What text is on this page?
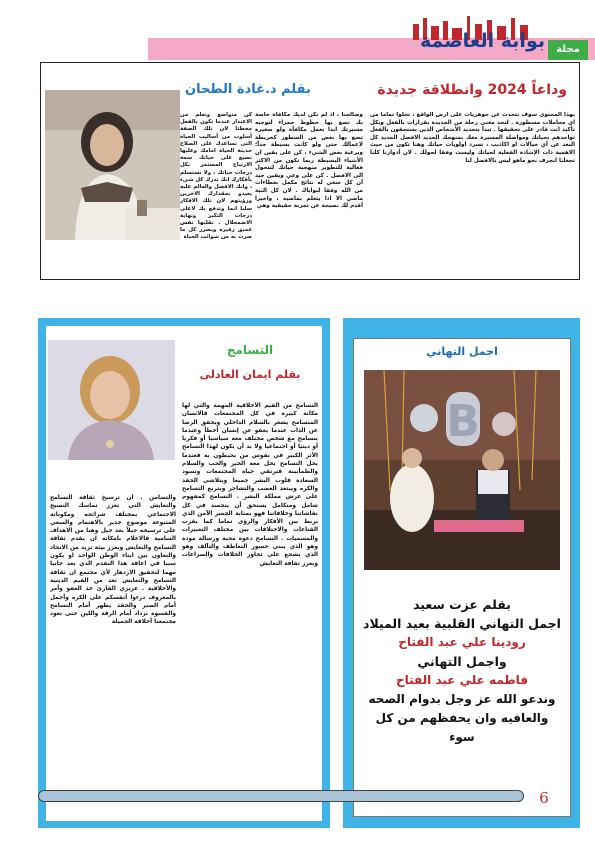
مجلة
بوابة العاصمة
وداعاً 2024 وانطلاقة جديدة
بقلم د.غادة الطحان
بهذا المحتوى سوف نتحدث عن جوهريات على ارض الواقع ، تخلوا تماماً من اي مجاملات مسطورة . لتجد معنى رحلة من الجديدة بقرارات بالفعل وبكل تأكيد انت قادر على تحقيقها . تبدأ بتحديد الأشخاص الذين يستحقون بالفعل تواجدهم بحياتك ومواصلة المسيرة معك بمنهجك الجديد الافضل الجديد كل البعد عن أي خيالات او اكاذيب ، تسرد اولويات حياتك وهنا تكون من حيث الاهمية ذات الإشادة الفعلية لحياتك وليست وفقا لحولك . لان أدوارنا كلنا تجعلنا انجرف نحو ماهو ليس بالافضل لنا
وصالحنا ، اذ لم تكن لديك مكافأة خاصة بك تضع بها خطوط حمراء لتوجيه مسيرتك ابدا بعمل مكافأة ولو صغيرة تضع بها بعض من السطور كخريطة لاعمالك حتى ولو كانت بسيطة جداً؛ وبرغبة بعض الشيء ، كن على يقين ان الأشياء البسيطة ربما تكون من الاكثر فعالية للتطوير منهجية حياتك لتتحول الى الافضل . كن على وعي ويقين جيد أن كل سعي له نتائج مكمل بعطاءات من الله وفقا لنواياك . لان كل النية ماضي الا اذا يتعلم بماضيه ، واخيرا أقدم لك نصيحة عن تجربة حقيقية وهي
كن متواضع وتعلم من الاعتذار عندما تكون بالفعل مخطئا لان تلك الصفة أسلوب من أساليب الحياة التى تساعدك على الصلاح حديثة الحياة امامك وعليها تضيع على حياتك سمة الارتياح المستمر بكل درجات حياتك ، ولا تستسلم بأفكارك انك تدرك كل شيء ، وانك الافضل والعالم عليه يعيدو بمقدارك الاخرين ورؤيتهم لان تلك الافكار سلبا انما وتدفع بك لاعلى درجات التكبر ونهاية الاضمحلال . تقلبها نفس عميق زفيره وبضرر كل ما صرت به من شوائب الحياة
اجمل التهاني
B
بقلم عزت سعيد
اجمل التهاني القلبية بعيد الميلاد
رودينا علي عبد الفتاح
واجمل التهاني
فاطمه علي عبد الفتاح
وندعو الله عز وجل بدوام الصحه
والعافيه وان يحفظهم من كل
سوء
التسامح
بقلم ايمان العادلى
التسامح من القيم الأخلاقية المهمة والتي لها مكانة كبيرة في كل المجتمعات فالانسان المتسامح يشعر بالسلام الداخلي ويحقق الرضا عن الذات عندما يعفو عن إنسان أخطأ وعندما يتسامح مع شخص مختلف معه سياسيا أو فكريا أو دينيا أو اجتماعيا ولا بد أن يكون لهذا التسامح الأثر الكبير في نفوس من يحيطون به فعندما يحل التسامح يحل معه الخير والحب والسلام والطمأنينة فترتقي حياة المجتمعات وتسود السعادة قلوب البشر جميعا ويتلاشى الحقد والكره ويبتعد الغضب والتشاجر ويتربع التسامح على عرش مملكة البشر . التسامح كمفهوم شامل ومتكامل يستحق أن يتجسد في كل نقاشاتنا وخلافاتنا فهو بمثابة الجسر الآمن الذي يربط بين الأفكار والرؤى تماما كما يقرب القناعات والاختلافات بين مختلف التعبيرات والمسميات . التسامح دعوة محبة ورسالة مودة وهو الذي يبني جسور التعاطف والتآلف وهو الذي يشجع على تجاوز الخلافات والصراعات ويعزز ثقافة التعايش
والتضامن . ان ترسيخ ثقافة التسامح والتعايش التي تعزز تماسك النسيج الاجتماعي بمختلف شرائحه ومكوناته المتنوعة موضوع جدير بالاهتمام والسعي على ترسيخه جيلاً بعد جيل وهنا من الاهداف السامية فالاعلام بامكانه ان يقدم ثقافة التسامح والتعايش ويعزز بيئة تزيد من الاتحاد والتعاون بين ابناء الوطن الواحد او يكون سببا في اعاقة هذا التقدم الذي يعد جانبا مهما لتحقيق الازدهار لأي مجتمع ان ثقافة التسامح والتعايش تعد من القيم الدينية والأخلاقية . عزيزي القارئ خذ العفو وأمر بالمعروف درءوا أنفسكم على الكره وأجمل أمام الصبر والحقد يظهر أمام التسامح والقسوة تزداد أمام الرقة واللين حتى تعود مجتمعنا أخلاقه الجميلة
6
